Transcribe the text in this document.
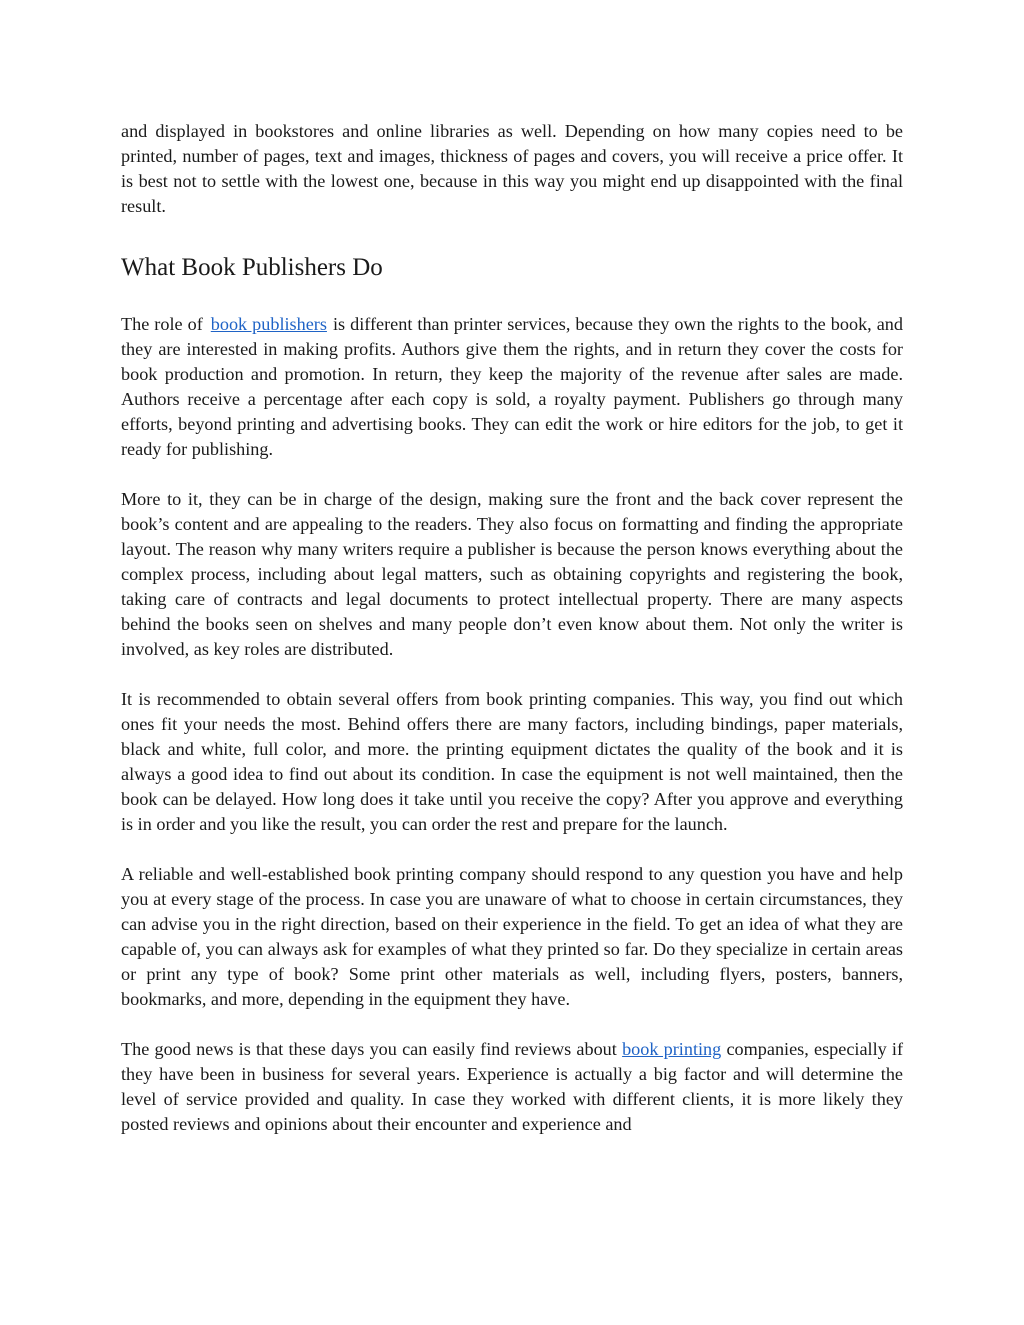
and displayed in bookstores and online libraries as well. Depending on how many copies need to be printed, number of pages, text and images, thickness of pages and covers, you will receive a price offer. It is best not to settle with the lowest one, because in this way you might end up disappointed with the final result.

What Book Publishers Do

The role of book publishers is different than printer services, because they own the rights to the book, and they are interested in making profits. Authors give them the rights, and in return they cover the costs for book production and promotion. In return, they keep the majority of the revenue after sales are made. Authors receive a percentage after each copy is sold, a royalty payment. Publishers go through many efforts, beyond printing and advertising books. They can edit the work or hire editors for the job, to get it ready for publishing.

More to it, they can be in charge of the design, making sure the front and the back cover represent the book’s content and are appealing to the readers. They also focus on formatting and finding the appropriate layout. The reason why many writers require a publisher is because the person knows everything about the complex process, including about legal matters, such as obtaining copyrights and registering the book, taking care of contracts and legal documents to protect intellectual property. There are many aspects behind the books seen on shelves and many people don’t even know about them. Not only the writer is involved, as key roles are distributed.

It is recommended to obtain several offers from book printing companies. This way, you find out which ones fit your needs the most. Behind offers there are many factors, including bindings, paper materials, black and white, full color, and more. the printing equipment dictates the quality of the book and it is always a good idea to find out about its condition. In case the equipment is not well maintained, then the book can be delayed. How long does it take until you receive the copy? After you approve and everything is in order and you like the result, you can order the rest and prepare for the launch.

A reliable and well-established book printing company should respond to any question you have and help you at every stage of the process. In case you are unaware of what to choose in certain circumstances, they can advise you in the right direction, based on their experience in the field. To get an idea of what they are capable of, you can always ask for examples of what they printed so far. Do they specialize in certain areas or print any type of book? Some print other materials as well, including flyers, posters, banners, bookmarks, and more, depending in the equipment they have.

The good news is that these days you can easily find reviews about book printing companies, especially if they have been in business for several years. Experience is actually a big factor and will determine the level of service provided and quality. In case they worked with different clients, it is more likely they posted reviews and opinions about their encounter and experience and
